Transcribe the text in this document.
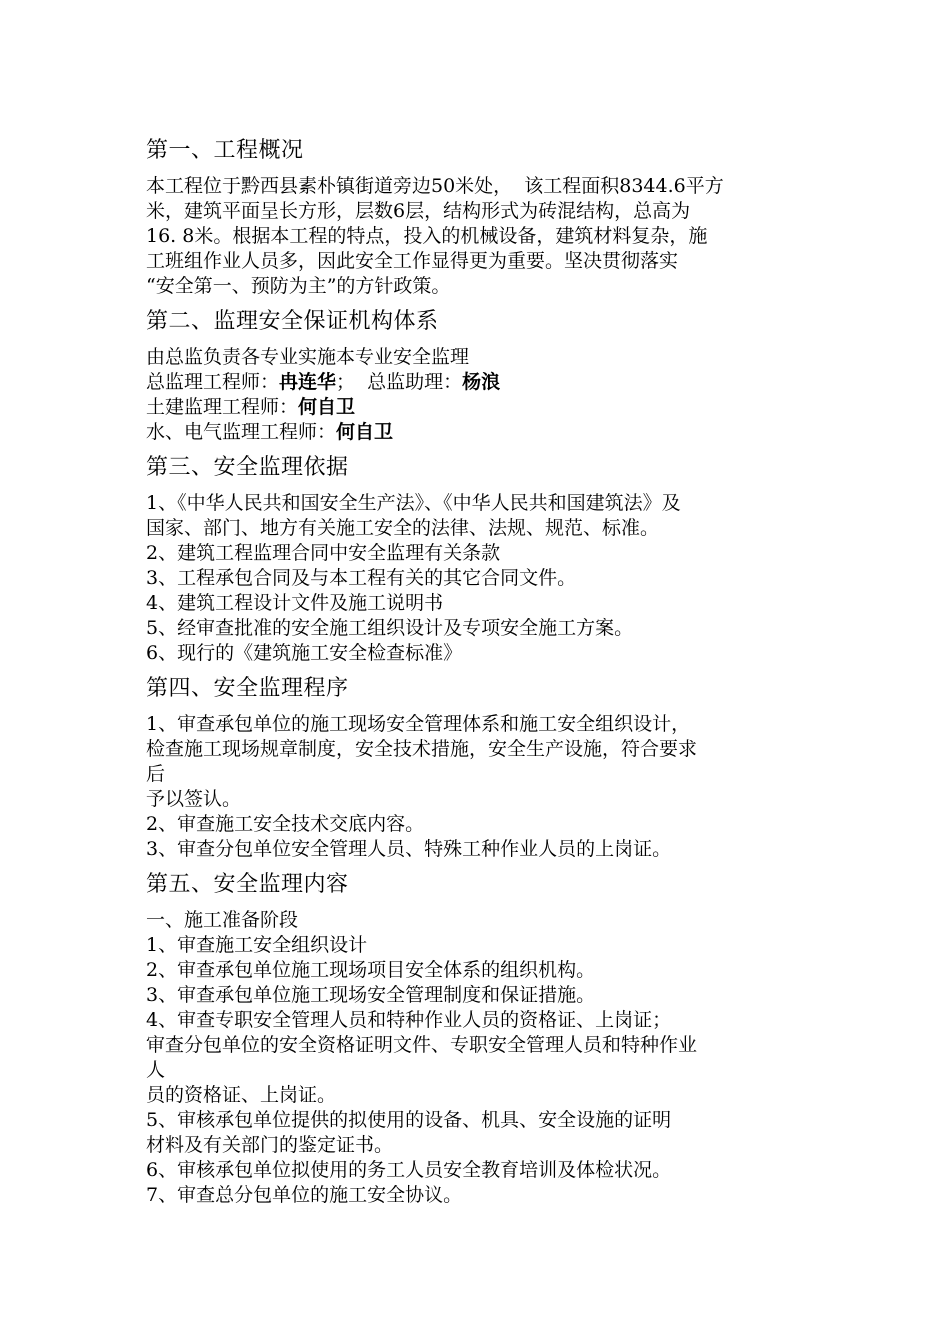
第一、工程概况

本工程位于黔西县素朴镇街道旁边50米处，  该工程面积8344.6平方

米，建筑平面呈长方形，层数6层，结构形式为砖混结构，总高为

16. 8米。根据本工程的特点，投入的机械设备，建筑材料复杂，施

工班组作业人员多，因此安全工作显得更为重要。坚决贯彻落实

“安全第一、预防为主”的方针政策。

第二、监理安全保证机构体系

由总监负责各专业实施本专业安全监理

总监理工程师：冉连华；  总监助理：杨浪

土建监理工程师：何自卫

水、电气监理工程师：何自卫

第三、安全监理依据

1、《中华人民共和国安全生产法》、《中华人民共和国建筑法》及

国家、部门、地方有关施工安全的法律、法规、规范、标准。

2、建筑工程监理合同中安全监理有关条款

3、工程承包合同及与本工程有关的其它合同文件。

4、建筑工程设计文件及施工说明书

5、经审查批准的安全施工组织设计及专项安全施工方案。

6、现行的《建筑施工安全检查标准》

第四、安全监理程序

1、审查承包单位的施工现场安全管理体系和施工安全组织设计，

检查施工现场规章制度，安全技术措施，安全生产设施，符合要求

后

予以签认。

2、审查施工安全技术交底内容。

3、审查分包单位安全管理人员、特殊工种作业人员的上岗证。

第五、安全监理内容

一、施工准备阶段

1、审查施工安全组织设计

2、审查承包单位施工现场项目安全体系的组织机构。

3、审查承包单位施工现场安全管理制度和保证措施。

4、审查专职安全管理人员和特种作业人员的资格证、上岗证；

审查分包单位的安全资格证明文件、专职安全管理人员和特种作业

人

员的资格证、上岗证。

5、审核承包单位提供的拟使用的设备、机具、安全设施的证明

材料及有关部门的鉴定证书。

6、审核承包单位拟使用的务工人员安全教育培训及体检状况。

7、审查总分包单位的施工安全协议。
